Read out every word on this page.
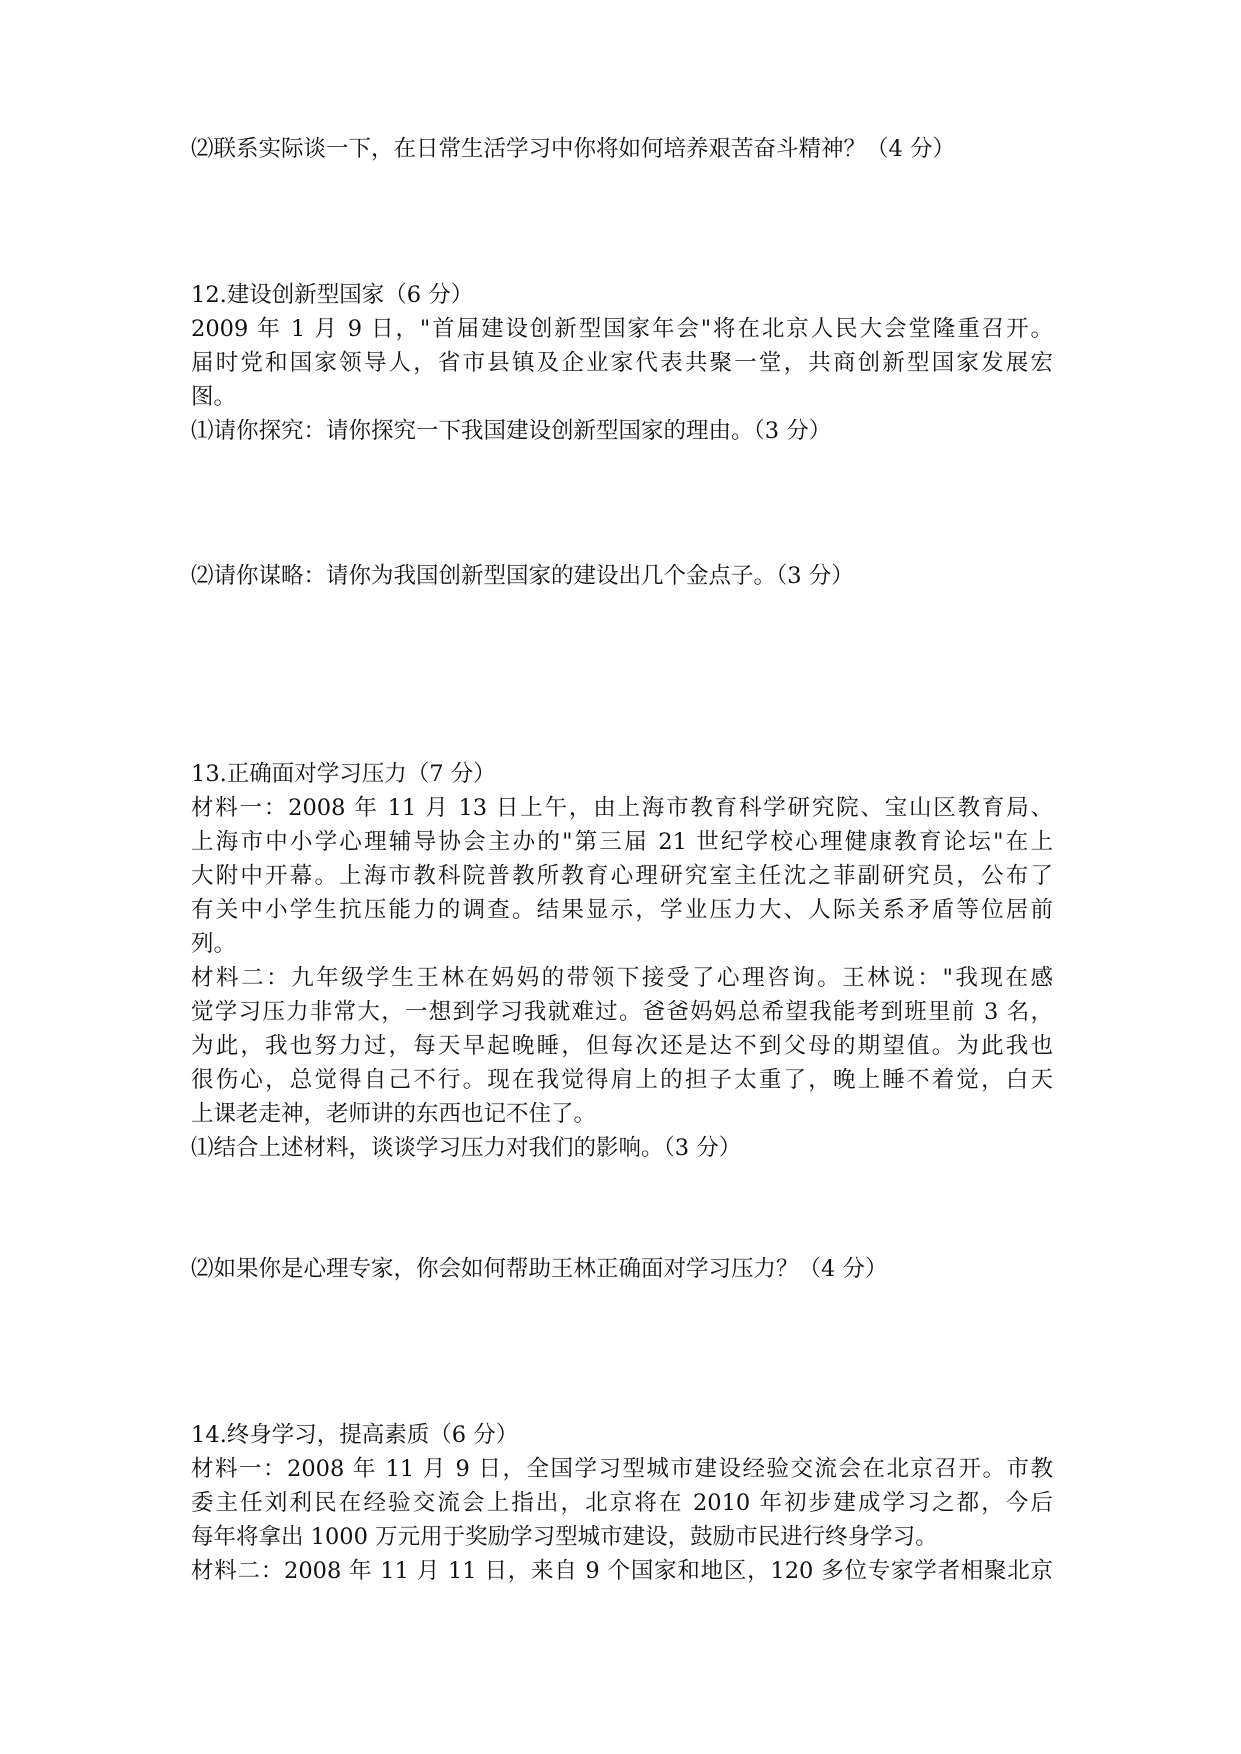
⑵联系实际谈一下，在日常生活学习中你将如何培养艰苦奋斗精神？（4 分）
12.建设创新型国家（6 分）
2009 年 1 月 9 日，"首届建设创新型国家年会"将在北京人民大会堂隆重召开。
届时党和国家领导人，省市县镇及企业家代表共聚一堂，共商创新型国家发展宏
图。
⑴请你探究：请你探究一下我国建设创新型国家的理由。（3 分）
⑵请你谋略：请你为我国创新型国家的建设出几个金点子。（3 分）
13.正确面对学习压力（7 分）
材料一：2008 年 11 月 13 日上午，由上海市教育科学研究院、宝山区教育局、
上海市中小学心理辅导协会主办的"第三届 21 世纪学校心理健康教育论坛"在上
大附中开幕。上海市教科院普教所教育心理研究室主任沈之菲副研究员，公布了
有关中小学生抗压能力的调查。结果显示，学业压力大、人际关系矛盾等位居前
列。
材料二：九年级学生王林在妈妈的带领下接受了心理咨询。王林说："我现在感
觉学习压力非常大，一想到学习我就难过。爸爸妈妈总希望我能考到班里前 3 名，
为此，我也努力过，每天早起晚睡，但每次还是达不到父母的期望值。为此我也
很伤心，总觉得自己不行。现在我觉得肩上的担子太重了，晚上睡不着觉，白天
上课老走神，老师讲的东西也记不住了。
⑴结合上述材料，谈谈学习压力对我们的影响。（3 分）
⑵如果你是心理专家，你会如何帮助王林正确面对学习压力？（4 分）
14.终身学习，提高素质（6 分）
材料一：2008 年 11 月 9 日，全国学习型城市建设经验交流会在北京召开。市教
委主任刘利民在经验交流会上指出，北京将在 2010 年初步建成学习之都，今后
每年将拿出 1000 万元用于奖励学习型城市建设，鼓励市民进行终身学习。
材料二：2008 年 11 月 11 日，来自 9 个国家和地区，120 多位专家学者相聚北京
